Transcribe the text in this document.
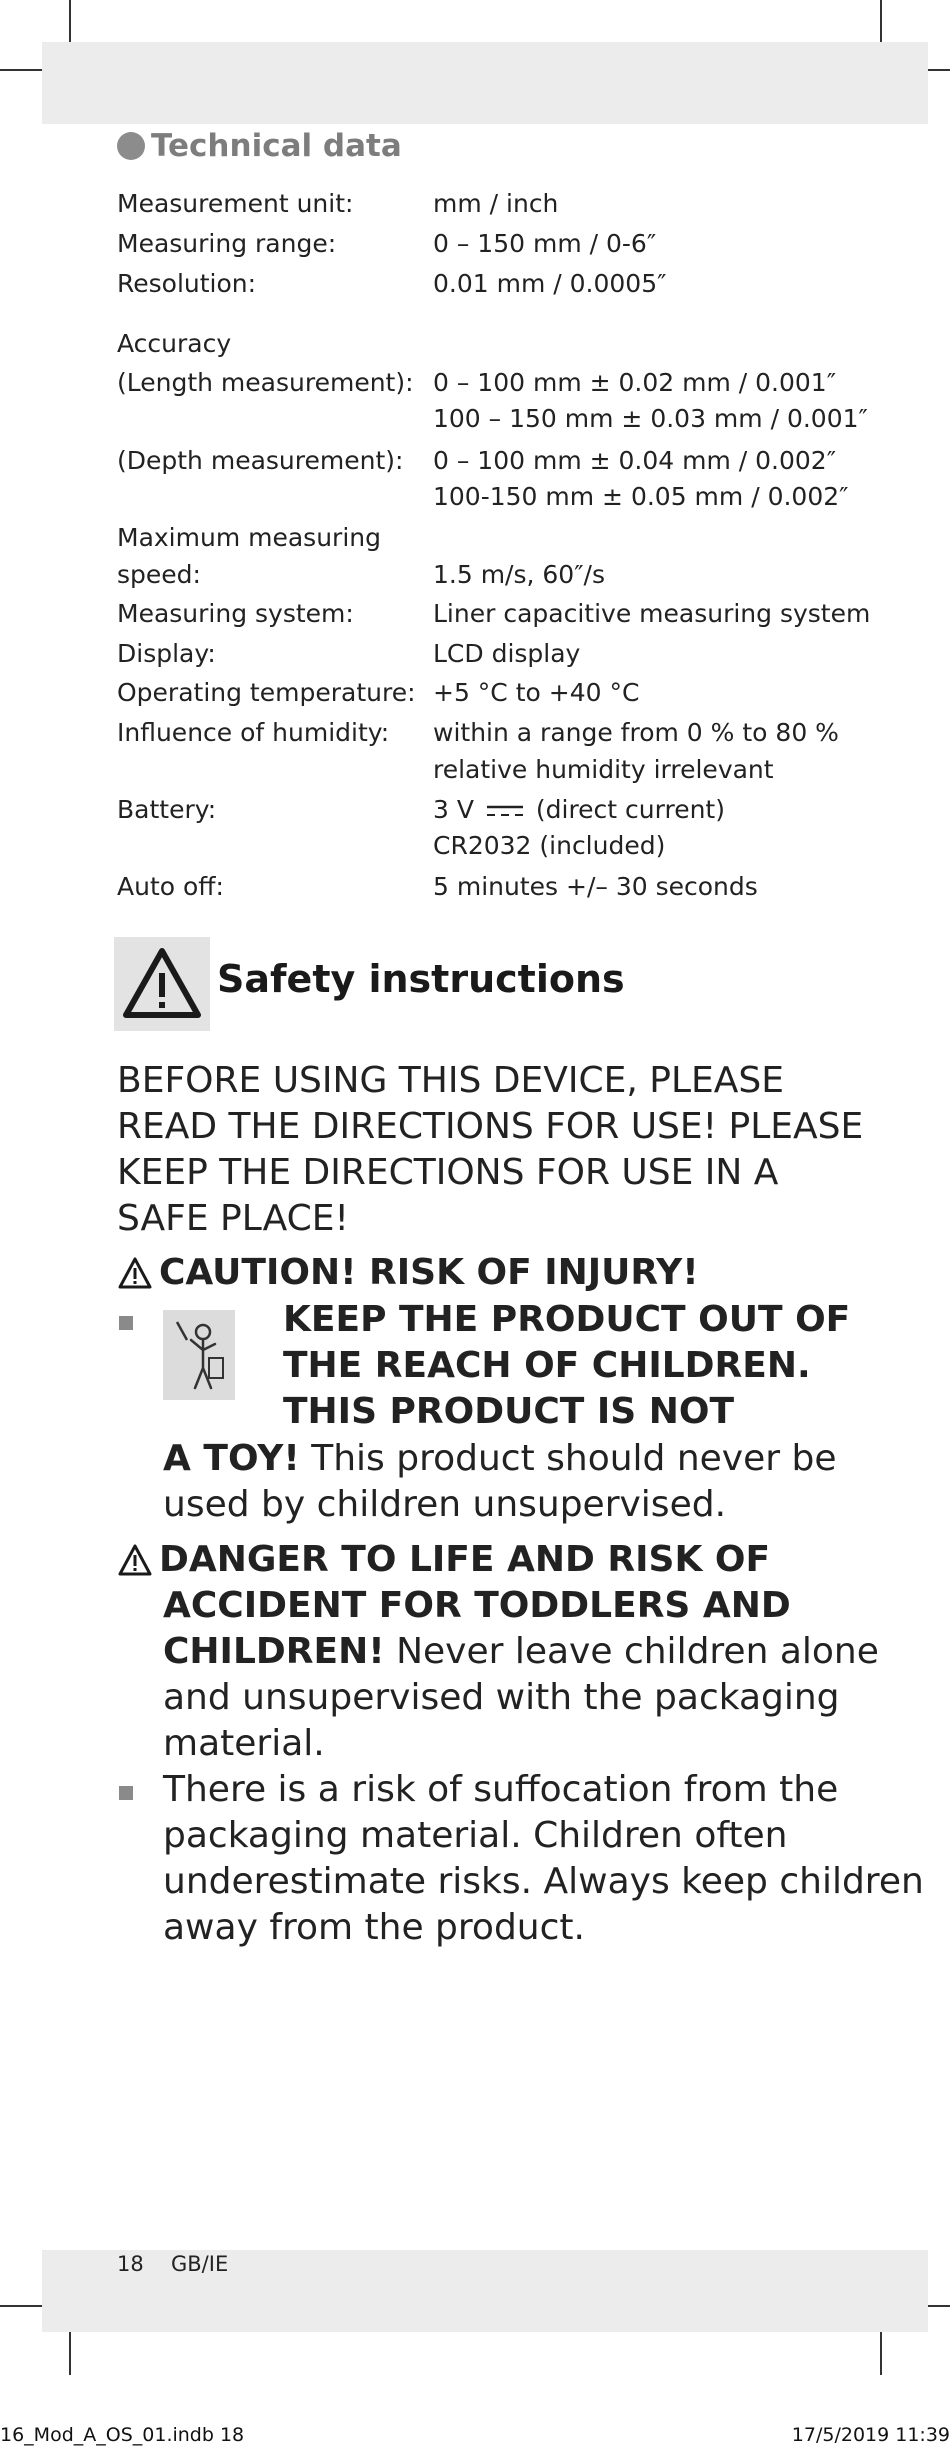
Technical data
Measurement unit:	mm / inch
Measuring range:	0 – 150 mm / 0-6″
Resolution:	0.01 mm / 0.0005″
Accuracy
(Length measurement): 0 – 100 mm ± 0.02 mm / 0.001″
100 – 150 mm ± 0.03 mm / 0.001″
(Depth measurement): 0 – 100 mm ± 0.04 mm / 0.002″
100-150 mm ± 0.05 mm / 0.002″
Maximum measuring
speed:	1.5 m/s, 60″/s
Measuring system:	Liner capacitive measuring system
Display:	LCD display
Operating temperature: +5 °C to +40 °C
Influence of humidity: within a range from 0 % to 80 %
relative humidity irrelevant
Battery:	3 V (direct current)
CR2032 (included)
Auto off:	5 minutes +/– 30 seconds
Safety instructions
BEFORE USING THIS DEVICE, PLEASE
READ THE DIRECTIONS FOR USE! PLEASE
KEEP THE DIRECTIONS FOR USE IN A
SAFE PLACE!
CAUTION! RISK OF INJURY!
KEEP THE PRODUCT OUT OF
THE REACH OF CHILDREN.
THIS PRODUCT IS NOT
A TOY! This product should never be
used by children unsupervised.
DANGER TO LIFE AND RISK OF
ACCIDENT FOR TODDLERS AND
CHILDREN! Never leave children alone
and unsupervised with the packaging
material.
There is a risk of suffocation from the
packaging material. Children often
underestimate risks. Always keep children
away from the product.
18 GB/IE
16_Mod_A_OS_01.indb 18	17/5/2019 11:39
